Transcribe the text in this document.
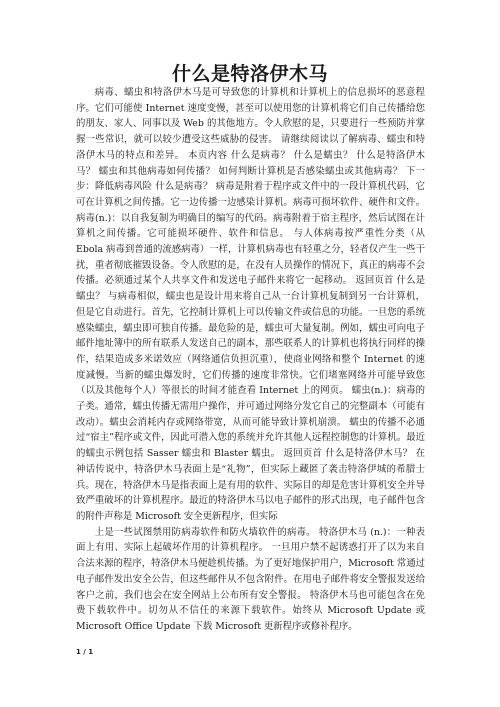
什么是特洛伊木马

病毒、蠕虫和特洛伊木马是可导致您的计算机和计算机上的信息损坏的恶意程序。它们可能使 Internet 速度变慢，甚至可以使用您的计算机将它们自己传播给您的朋友、家人、同事以及 Web 的其他地方。令人欣慰的是，只要进行一些预防并掌握一些常识，就可以较少遭受这些威胁的侵害。 请继续阅读以了解病毒、蠕虫和特洛伊木马的特点和差异。 本页内容 什么是病毒？ 什么是蠕虫？ 什么是特洛伊木马？ 蠕虫和其他病毒如何传播？ 如何判断计算机是否感染蠕虫或其他病毒？ 下一步：降低病毒风险 什么是病毒？ 病毒是附着于程序或文件中的一段计算机代码，它可在计算机之间传播。它一边传播一边感染计算机。病毒可损坏软件、硬件和文件。 病毒(n.)：以自我复制为明确目的编写的代码。病毒附着于宿主程序，然后试图在计算机之间传播。它可能损坏硬件、软件和信息。 与人体病毒按严重性分类（从 Ebola 病毒到普通的流感病毒）一样，计算机病毒也有轻重之分，轻者仅产生一些干扰，重者彻底摧毁设备。令人欣慰的是，在没有人员操作的情况下，真正的病毒不会传播。必须通过某个人共享文件和发送电子邮件来将它一起移动。 返回页首 什么是蠕虫？ 与病毒相似，蠕虫也是设计用来将自己从一台计算机复制到另一台计算机，但是它自动进行。首先，它控制计算机上可以传输文件或信息的功能。一旦您的系统感染蠕虫，蠕虫即可独自传播。最危险的是，蠕虫可大量复制。例如，蠕虫可向电子邮件地址簿中的所有联系人发送自己的副本，那些联系人的计算机也将执行同样的操作，结果造成多米诺效应（网络通信负担沉重），使商业网络和整个 Internet 的速度减慢。当新的蠕虫爆发时，它们传播的速度非常快。它们堵塞网络并可能导致您（以及其他每个人）等很长的时间才能查看 Internet 上的网页。 蠕虫(n.)：病毒的子类。通常，蠕虫传播无需用户操作，并可通过网络分发它自己的完整副本（可能有改动）。蠕虫会消耗内存或网络带宽，从而可能导致计算机崩溃。 蠕虫的传播不必通过“宿主”程序或文件，因此可潜入您的系统并允许其他人远程控制您的计算机。最近的蠕虫示例包括 Sasser 蠕虫和 Blaster 蠕虫。 返回页首 什么是特洛伊木马？ 在神话传说中，特洛伊木马表面上是“礼物”，但实际上藏匿了袭击特洛伊城的希腊士兵。现在，特洛伊木马是指表面上是有用的软件、实际目的却是危害计算机安全并导致严重破坏的计算机程序。最近的特洛伊木马以电子邮件的形式出现，电子邮件包含的附件声称是 Microsoft 安全更新程序，但实际

上是一些试图禁用防病毒软件和防火墙软件的病毒。 特洛伊木马 (n.)：一种表面上有用、实际上起破坏作用的计算机程序。 一旦用户禁不起诱惑打开了以为来自合法来源的程序，特洛伊木马便趁机传播。为了更好地保护用户，Microsoft 常通过电子邮件发出安全公告，但这些邮件从不包含附件。在用电子邮件将安全警报发送给客户之前，我们也会在安全网站上公布所有安全警报。 特洛伊木马也可能包含在免费下载软件中。切勿从不信任的来源下载软件。始终从 Microsoft Update 或 Microsoft Office Update 下载 Microsoft 更新程序或修补程序。

1 / 1
